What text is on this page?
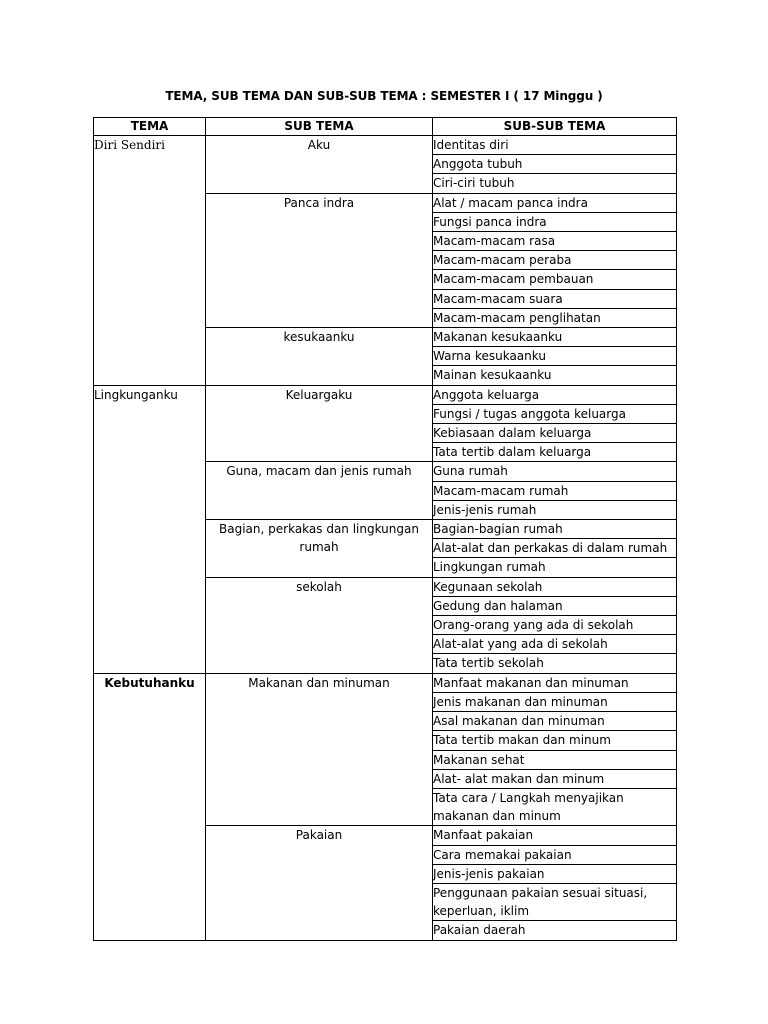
TEMA, SUB TEMA DAN SUB-SUB TEMA : SEMESTER I ( 17 Minggu )
TEMA	SUB TEMA	SUB-SUB TEMA
Diri Sendiri	Aku	Identitas diri
		Anggota tubuh
		Ciri-ciri tubuh
	Panca indra	Alat / macam panca indra
		Fungsi panca indra
		Macam-macam rasa
		Macam-macam peraba
		Macam-macam pembauan
		Macam-macam suara
		Macam-macam penglihatan
	kesukaanku	Makanan kesukaanku
		Warna kesukaanku
		Mainan kesukaanku
Lingkunganku	Keluargaku	Anggota keluarga
		Fungsi / tugas anggota keluarga
		Kebiasaan dalam keluarga
		Tata tertib dalam keluarga
	Guna, macam dan jenis rumah	Guna rumah
		Macam-macam rumah
		Jenis-jenis rumah
	Bagian, perkakas dan lingkungan rumah	Bagian-bagian rumah
		Alat-alat dan perkakas di dalam rumah
		Lingkungan rumah
	sekolah	Kegunaan sekolah
		Gedung dan halaman
		Orang-orang yang ada di sekolah
		Alat-alat yang ada di sekolah
		Tata tertib sekolah
Kebutuhanku	Makanan dan minuman	Manfaat makanan dan minuman
		Jenis makanan dan minuman
		Asal makanan dan minuman
		Tata tertib makan dan minum
		Makanan sehat
		Alat- alat makan dan minum
		Tata cara / Langkah menyajikan makanan dan minum
	Pakaian	Manfaat pakaian
		Cara memakai pakaian
		Jenis-jenis pakaian
		Penggunaan pakaian sesuai situasi, keperluan, iklim
		Pakaian daerah
